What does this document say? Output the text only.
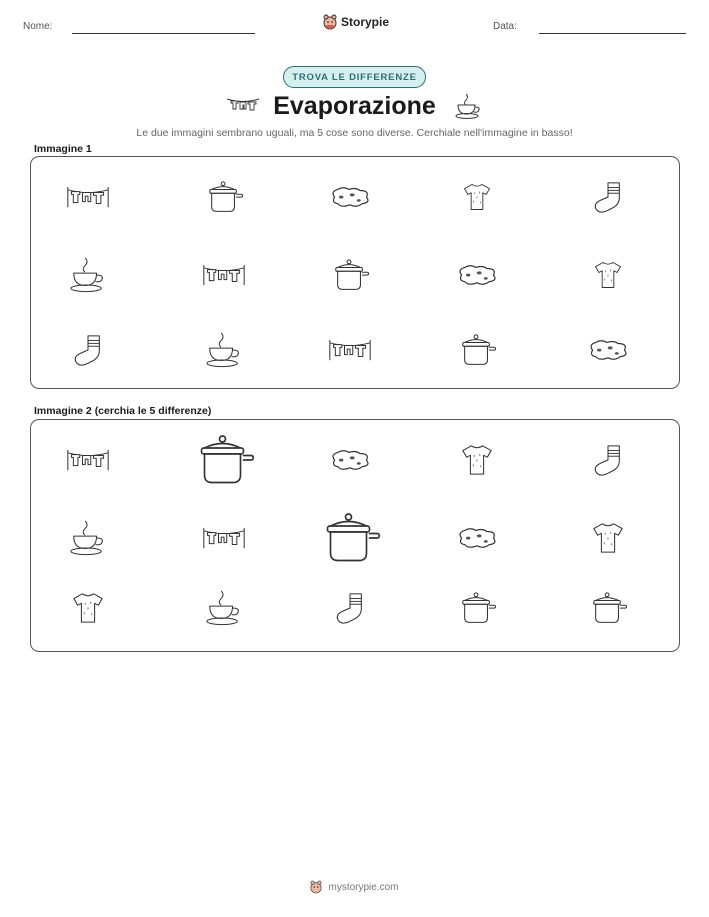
Nome:	Storypie	Data:
TROVA LE DIFFERENZE
Evaporazione
Le due immagini sembrano uguali, ma 5 cose sono diverse. Cerchiale nell'immagine in basso!
Immagine 1
Immagine 2 (cerchia le 5 differenze)
mystorypie.com
